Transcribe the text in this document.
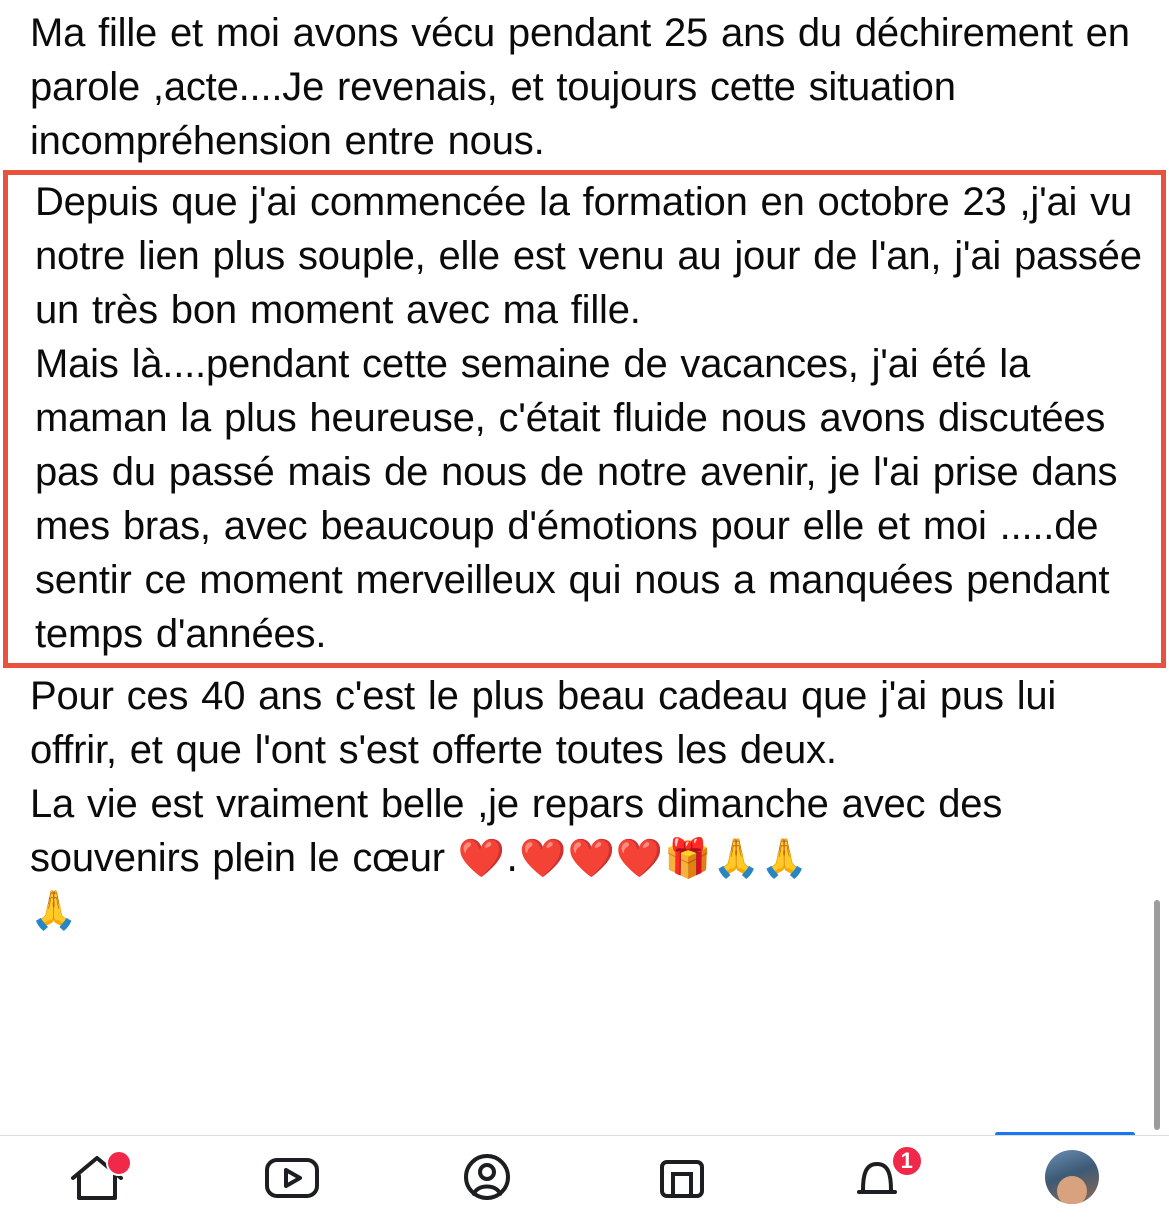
Ma fille et moi avons vécu pendant 25 ans du déchirement en parole ,acte....Je revenais, et toujours cette situation incompréhension entre nous.

Depuis que j'ai commencée la formation en octobre 23 ,j'ai vu notre lien plus souple, elle est venu au jour de l'an, j'ai passée un très bon moment avec ma fille.

Mais là....pendant cette semaine de vacances, j'ai été la maman la plus heureuse, c'était fluide nous avons discutées pas du passé mais de nous de notre avenir, je l'ai prise dans mes bras, avec beaucoup d'émotions pour elle et moi .....de sentir ce moment merveilleux qui nous a manquées pendant temps d'années.

Pour ces 40 ans c'est le plus beau cadeau que j'ai pus lui offrir, et que l'ont s'est offerte toutes les deux.

La vie est vraiment belle ,je repars dimanche avec des souvenirs plein le cœur ❤️.❤️❤️❤️🎁🙏🙏

🙏

1
